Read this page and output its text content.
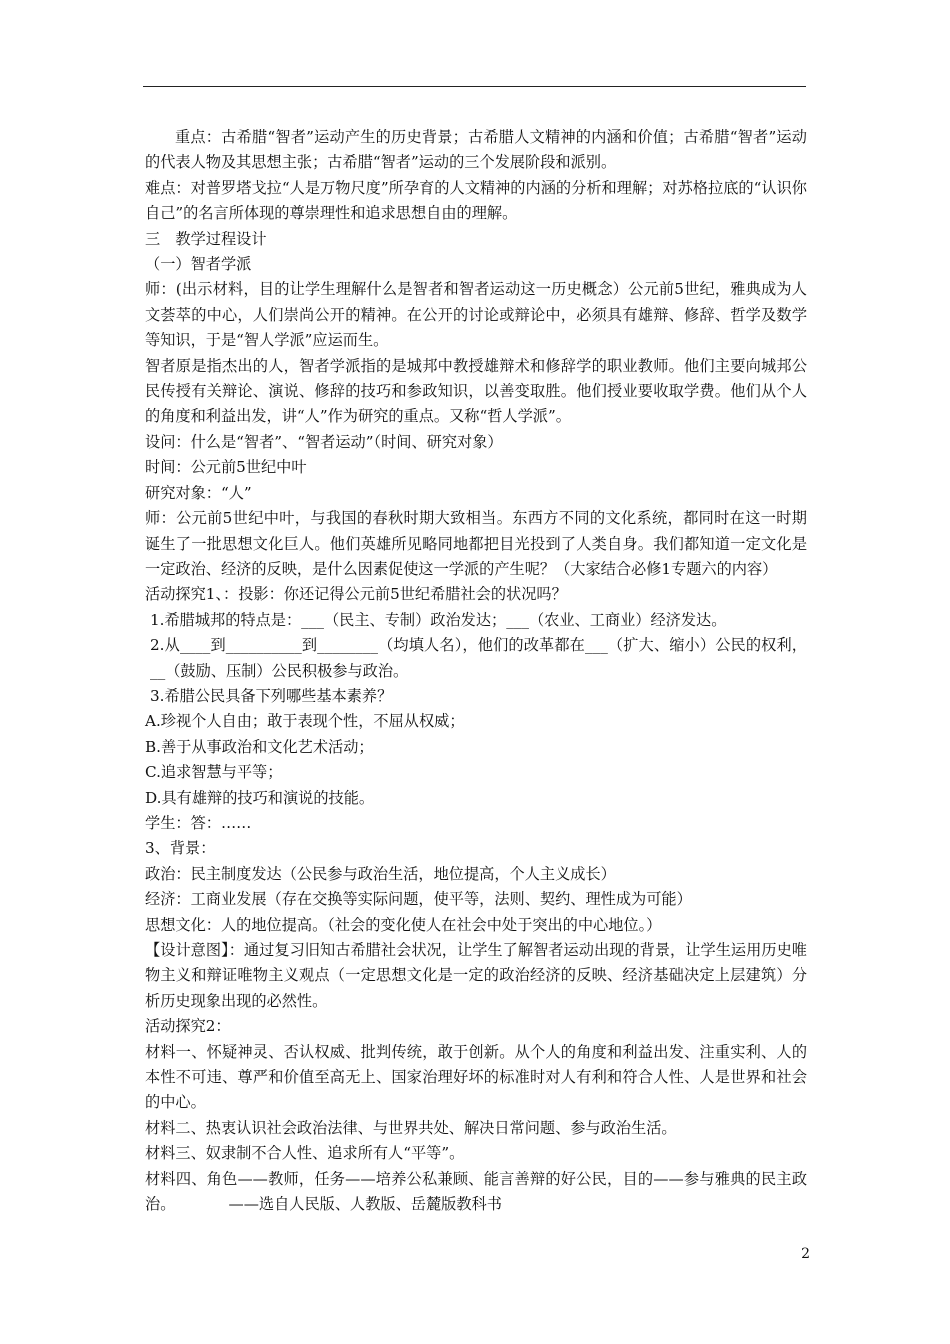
重点：古希腊“智者”运动产生的历史背景；古希腊人文精神的内涵和价值；古希腊“智者”运动的代表人物及其思想主张；古希腊“智者”运动的三个发展阶段和派别。

难点：对普罗塔戈拉“人是万物尺度”所孕育的人文精神的内涵的分析和理解；对苏格拉底的“认识你自己”的名言所体现的尊崇理性和追求思想自由的理解。

三　教学过程设计

（一）智者学派

师：(出示材料，目的让学生理解什么是智者和智者运动这一历史概念）公元前5世纪，雅典成为人文荟萃的中心，人们崇尚公开的精神。在公开的讨论或辩论中，必须具有雄辩、修辞、哲学及数学等知识，于是“智人学派”应运而生。

智者原是指杰出的人，智者学派指的是城邦中教授雄辩术和修辞学的职业教师。他们主要向城邦公民传授有关辩论、演说、修辞的技巧和参政知识，以善变取胜。他们授业要收取学费。他们从个人的角度和利益出发，讲“人”作为研究的重点。又称“哲人学派”。

设问：什么是“智者”、“智者运动”（时间、研究对象）

时间：公元前5世纪中叶

研究对象：“人”

师：公元前5世纪中叶，与我国的春秋时期大致相当。东西方不同的文化系统，都同时在这一时期诞生了一批思想文化巨人。他们英雄所见略同地都把目光投到了人类自身。我们都知道一定文化是一定政治、经济的反映，是什么因素促使这一学派的产生呢？（大家结合必修1专题六的内容）

活动探究1、：投影：你还记得公元前5世纪希腊社会的状况吗？

1.希腊城邦的特点是：___（民主、专制）政治发达；___（农业、工商业）经济发达。

2.从____到__________到________（均填人名），他们的改革都在___（扩大、缩小）公民的权利，__（鼓励、压制）公民积极参与政治。

3.希腊公民具备下列哪些基本素养？

A.珍视个人自由；敢于表现个性，不屈从权威；

B.善于从事政治和文化艺术活动；

C.追求智慧与平等；

D.具有雄辩的技巧和演说的技能。

学生：答：……

3、背景：

政治：民主制度发达（公民参与政治生活，地位提高，个人主义成长）

经济：工商业发展（存在交换等实际问题，使平等，法则、契约、理性成为可能）

思想文化：人的地位提高。（社会的变化使人在社会中处于突出的中心地位。）

【设计意图】：通过复习旧知古希腊社会状况，让学生了解智者运动出现的背景，让学生运用历史唯物主义和辩证唯物主义观点（一定思想文化是一定的政治经济的反映、经济基础决定上层建筑）分析历史现象出现的必然性。

活动探究2：

材料一、怀疑神灵、否认权威、批判传统，敢于创新。从个人的角度和利益出发、注重实利、人的本性不可违、尊严和价值至高无上、国家治理好坏的标准时对人有利和符合人性、人是世界和社会的中心。

材料二、热衷认识社会政治法律、与世界共处、解决日常问题、参与政治生活。

材料三、奴隶制不合人性、追求所有人“平等”。

材料四、角色——教师，任务——培养公私兼顾、能言善辩的好公民，目的——参与雅典的民主政治。　　　　——选自人民版、人教版、岳麓版教科书

2
